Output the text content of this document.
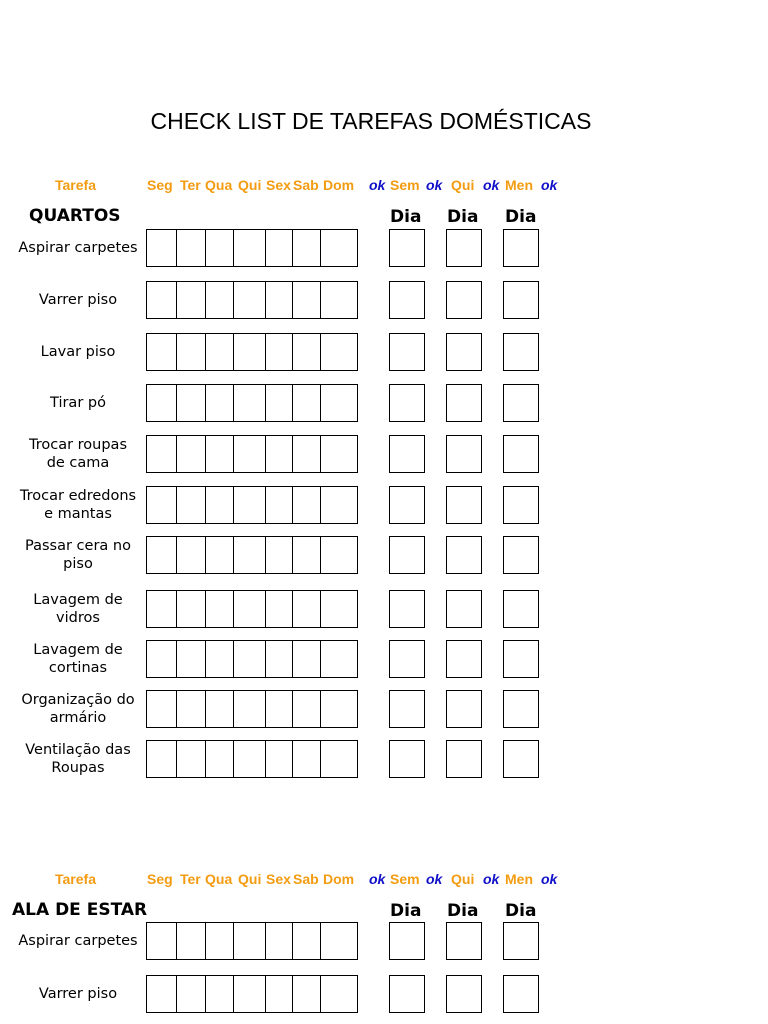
CHECK LIST DE TAREFAS DOMÉSTICAS
Tarefa	Seg Ter Qua Qui Sex Sab Dom ok Sem ok Qui ok Men ok
QUARTOS	Dia Dia Dia
Aspirar carpetes
Varrer piso
Lavar piso
Tirar pó
Trocar roupas
de cama
Trocar edredons
e mantas
Passar cera no
piso
Lavagem de
vidros
Lavagem de
cortinas
Organização do
armário
Ventilação das
Roupas
Tarefa	Seg Ter Qua Qui Sex Sab Dom ok Sem ok Qui ok Men ok
ALA DE ESTAR	Dia Dia Dia
Aspirar carpetes
Varrer piso
